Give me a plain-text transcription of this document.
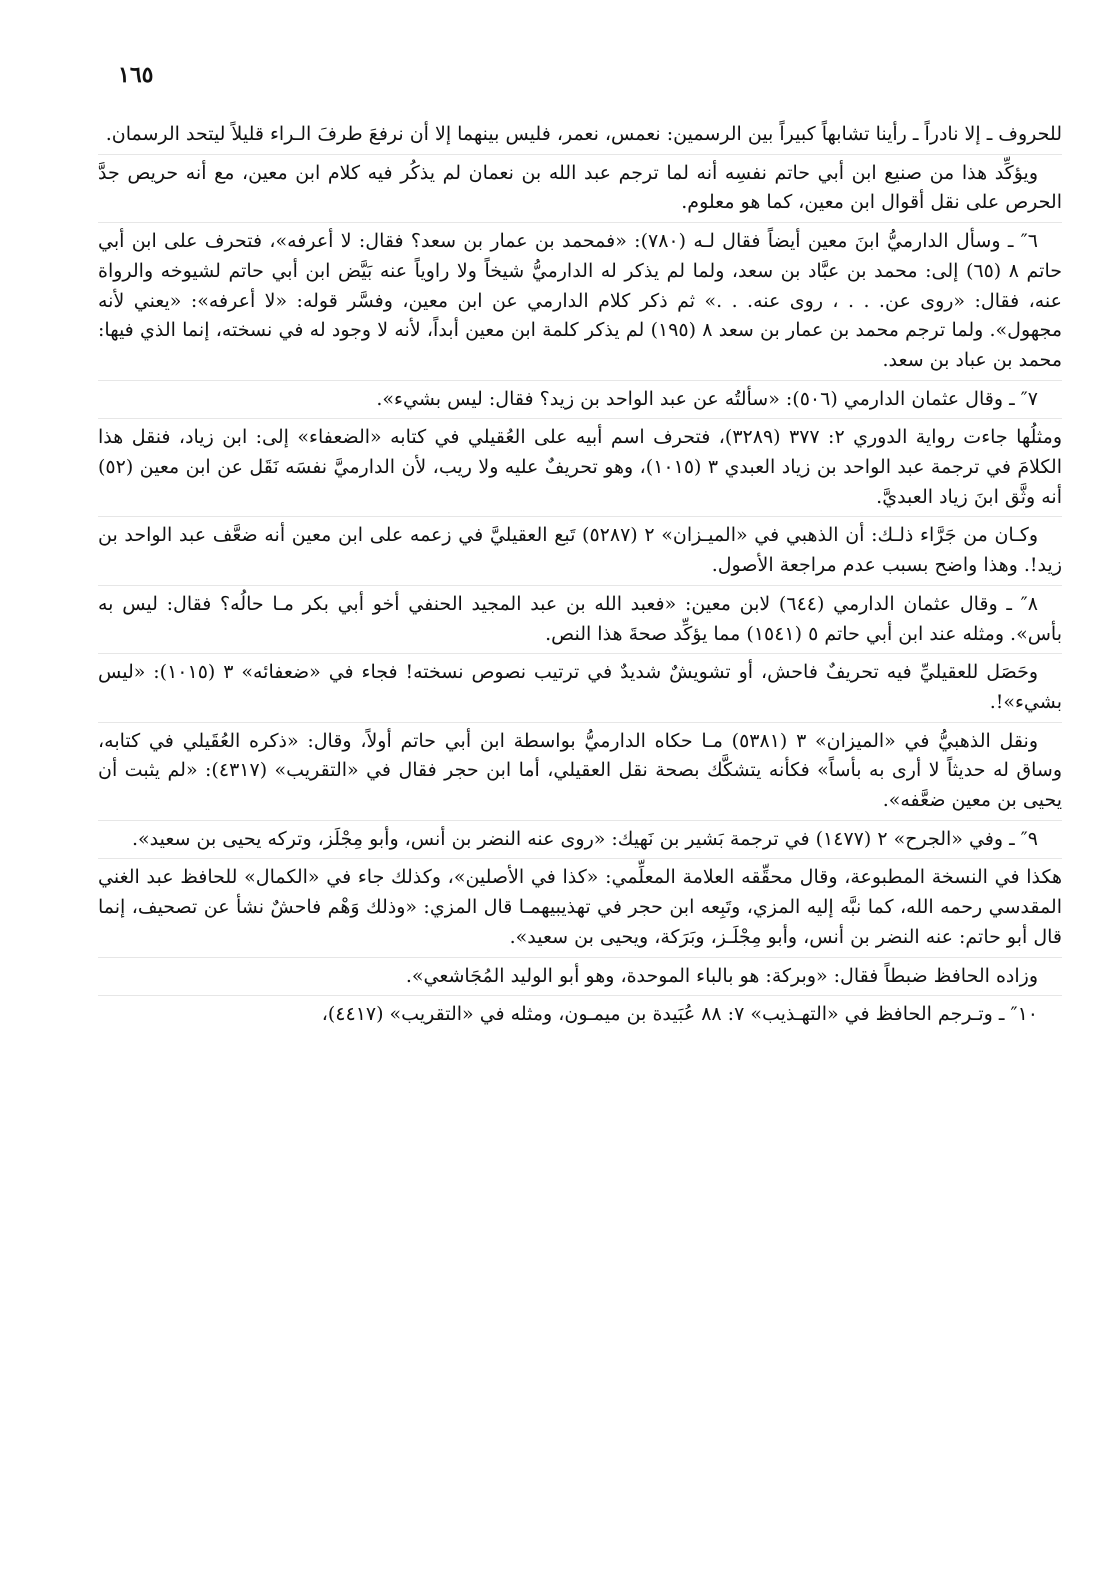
١٦٥

للحروف ـ إلا نادراً ـ رأينا تشابهاً كبيراً بين الرسمين: نعمس، نعمر، فليس بينهما إلا أن نرفعَ طرفَ الـراء قليلاً ليتحد الرسمان.

ويؤكِّد هذا من صنيع ابن أبي حاتم نفسِه أنه لما ترجم عبد الله بن نعمان لم يذكُر فيه كلام ابن معين، مع أنه حريص جدَّ الحرص على نقل أقوال ابن معين، كما هو معلوم.

٦″ ـ وسأل الدارميُّ ابنَ معين أيضاً فقال لـه (٧٨٠): «فمحمد بن عمار بن سعد؟ فقال: لا أعرفه»، فتحرف على ابن أبي حاتم ٨ (٦٥) إلى: محمد بن عبَّاد بن سعد، ولما لم يذكر له الدارميُّ شيخاً ولا راوياً عنه بَيَّض ابن أبي حاتم لشيوخه والرواة عنه، فقال: «روى عن. . . ، روى عنه. . .» ثم ذكر كلام الدارمي عن ابن معين، وفسَّر قوله: «لا أعرفه»: «يعني لأنه مجهول». ولما ترجم محمد بن عمار بن سعد ٨ (١٩٥) لم يذكر كلمة ابن معين أبداً، لأنه لا وجود له في نسخته، إنما الذي فيها: محمد بن عباد بن سعد.

٧″ ـ وقال عثمان الدارمي (٥٠٦): «سألتُه عن عبد الواحد بن زيد؟ فقال: ليس بشيء».

ومثلُها جاءت رواية الدوري ٢: ٣٧٧ (٣٢٨٩)، فتحرف اسم أبيه على العُقيلي في كتابه «الضعفاء» إلى: ابن زياد، فنقل هذا الكلامَ في ترجمة عبد الواحد بن زياد العبدي ٣ (١٠١٥)، وهو تحريفٌ عليه ولا ريب، لأن الدارميَّ نفسَه نَقَل عن ابن معين (٥٢) أنه وثَّق ابنَ زياد العبديَّ.

وكـان من جَرَّاء ذلـك: أن الذهبي في «الميـزان» ٢ (٥٢٨٧) تَبع العقيليَّ في زعمه على ابن معين أنه ضعَّف عبد الواحد بن زيد!. وهذا واضح بسبب عدم مراجعة الأصول.

٨″ ـ وقال عثمان الدارمي (٦٤٤) لابن معين: «فعبد الله بن عبد المجيد الحنفي أخو أبي بكر مـا حالُه؟ فقال: ليس به بأس». ومثله عند ابن أبي حاتم ٥ (١٥٤١) مما يؤكِّد صحةَ هذا النص.

وحَصَل للعقيليِّ فيه تحريفٌ فاحش، أو تشويشٌ شديدٌ في ترتيب نصوص نسخته! فجاء في «ضعفائه» ٣ (١٠١٥): «ليس بشيء»!.

ونقل الذهبيُّ في «الميزان» ٣ (٥٣٨١) مـا حكاه الدارميُّ بواسطة ابن أبي حاتم أولاً، وقال: «ذكره العُقَيلي في كتابه، وساق له حديثاً لا أرى به بأساً» فكأنه يتشكَّك بصحة نقل العقيلي، أما ابن حجر فقال في «التقريب» (٤٣١٧): «لم يثبت أن يحيى بن معين ضعَّفه».

٩″ ـ وفي «الجرح» ٢ (١٤٧٧) في ترجمة بَشير بن نَهيك: «روى عنه النضر بن أنس، وأبو مِجْلَز، وتركه يحيى بن سعيد».

هكذا في النسخة المطبوعة، وقال محقِّقه العلامة المعلِّمي: «كذا في الأصلين»، وكذلك جاء في «الكمال» للحافظ عبد الغني المقدسي رحمه الله، كما نبَّه إليه المزي، وتَبِعه ابن حجر في تهذيبيهمـا قال المزي: «وذلك وَهْم فاحشٌ نشأ عن تصحيف، إنما قال أبو حاتم: عنه النضر بن أنس، وأبو مِجْلَـز، وبَرَكة، ويحيى بن سعيد».

وزاده الحافظ ضبطاً فقال: «وبركة: هو بالباء الموحدة، وهو أبو الوليد المُجَاشعي».

١٠″ ـ وتـرجم الحافظ في «التهـذيب» ٧: ٨٨ عُبَيدة بن ميمـون، ومثله في «التقريب» (٤٤١٧)،
